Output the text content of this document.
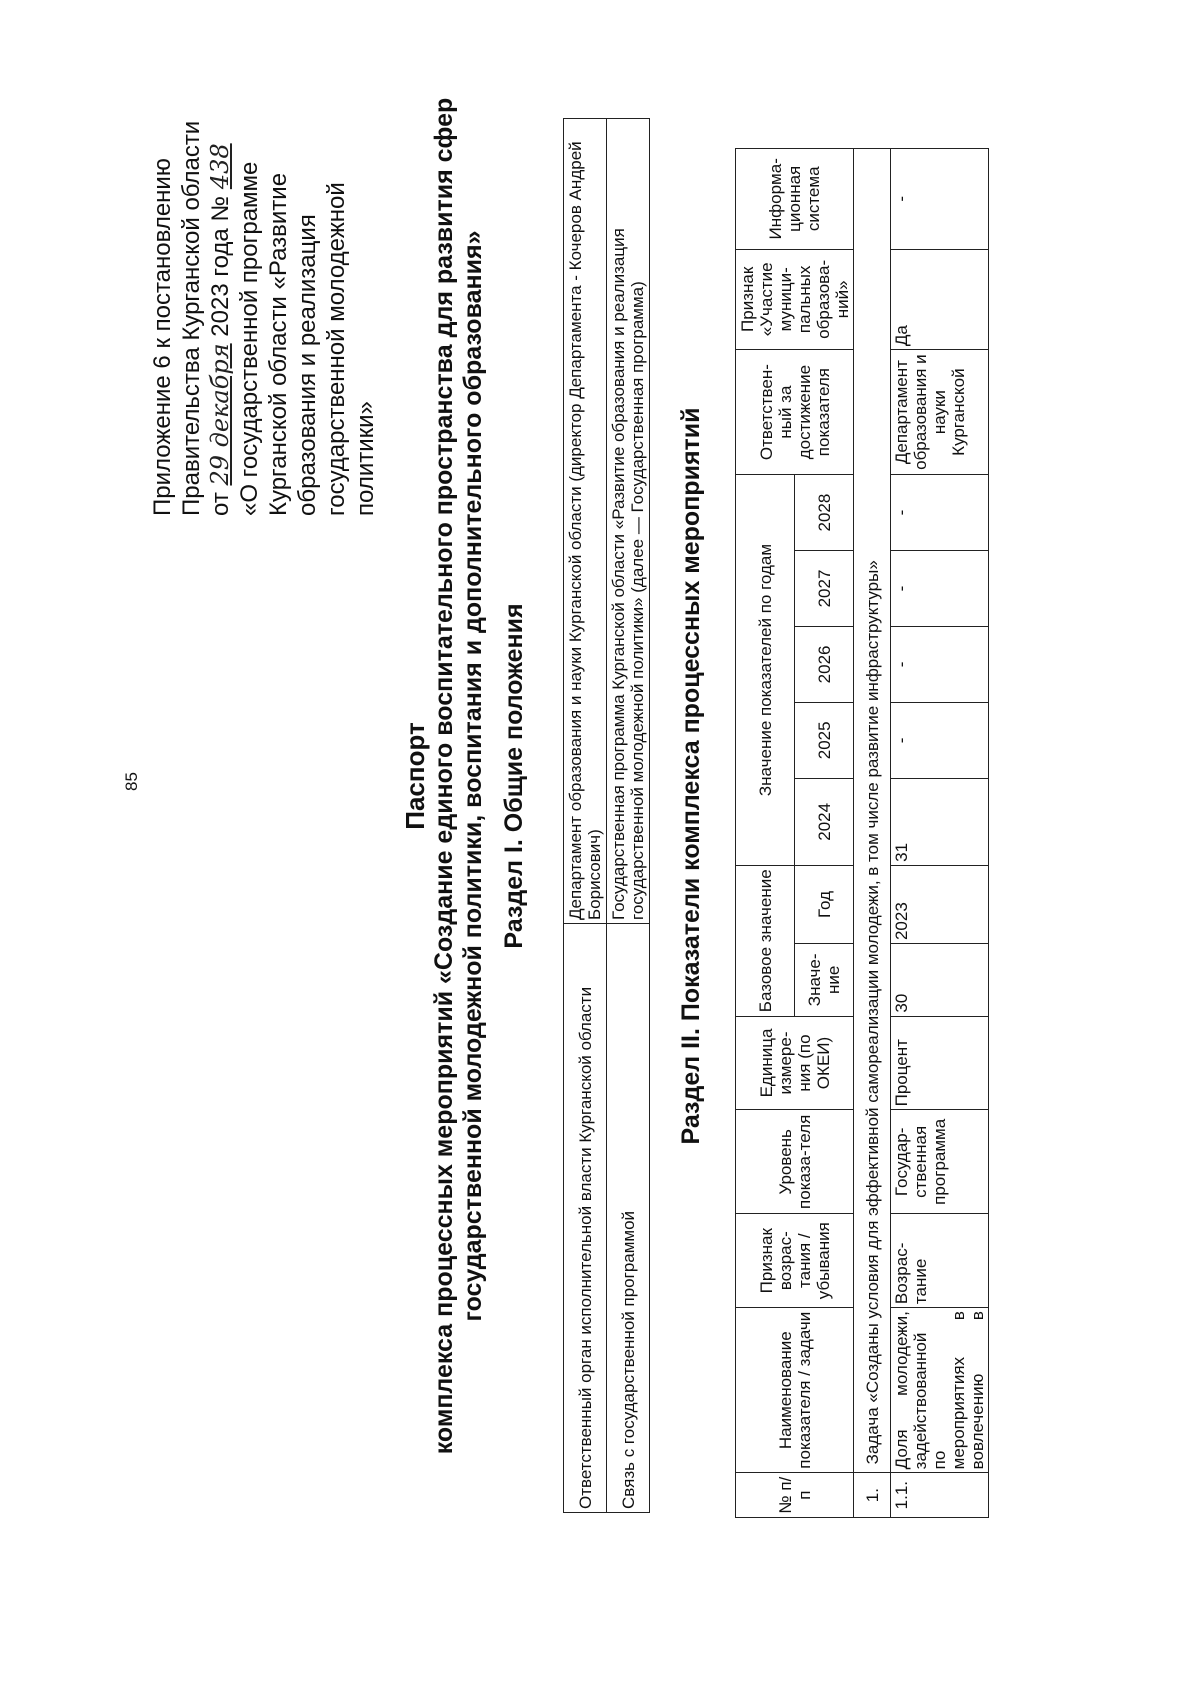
85
Приложение 6 к постановлению Правительства Курганской области от 29 декабря 2023 года № 438 «О государственной программе Курганской области «Развитие образования и реализация государственной молодежной политики»
Паспорт комплекса процессных мероприятий «Создание единого воспитательного пространства для развития сфер государственной молодежной политики, воспитания и дополнительного образования» Раздел I. Общие положения
Ответственный орган исполнительной власти Курганской области	Департамент образования и науки Курганской области (директор Департамента - Кочеров Андрей Борисович)
Связь с государственной программой	Государственная программа Курганской области «Развитие образования и реализация государственной молодежной политики» (далее — Государственная программа) Раздел II. Показатели комплекса процессных мероприятий
№ п/п	Наименование показателя / задачи	Признак возрас-тания / убывания	Уровень показа-теля	Единица измере-ния (по ОКЕИ)	Базовое значение		Значение показателей по годам					Ответствен-ный за достижение показателя	Признак «Участие муници-пальных образова-ний»	Информа-ционная система
					Значе-ние	Год	2024	2025	2026	2027	2028			

1.	Задача «Созданы условия для эффективной самореализации молодежи, в том числе развитие инфраструктуры»													
1.1.	Доля молодежи, задействованной по мероприятиях в вовлечению в	Возрас-тание	Государ-ственная программа	Процент	30	2023	31	-	-	-	-	Департамент образования и науки Курганской	Да	-
